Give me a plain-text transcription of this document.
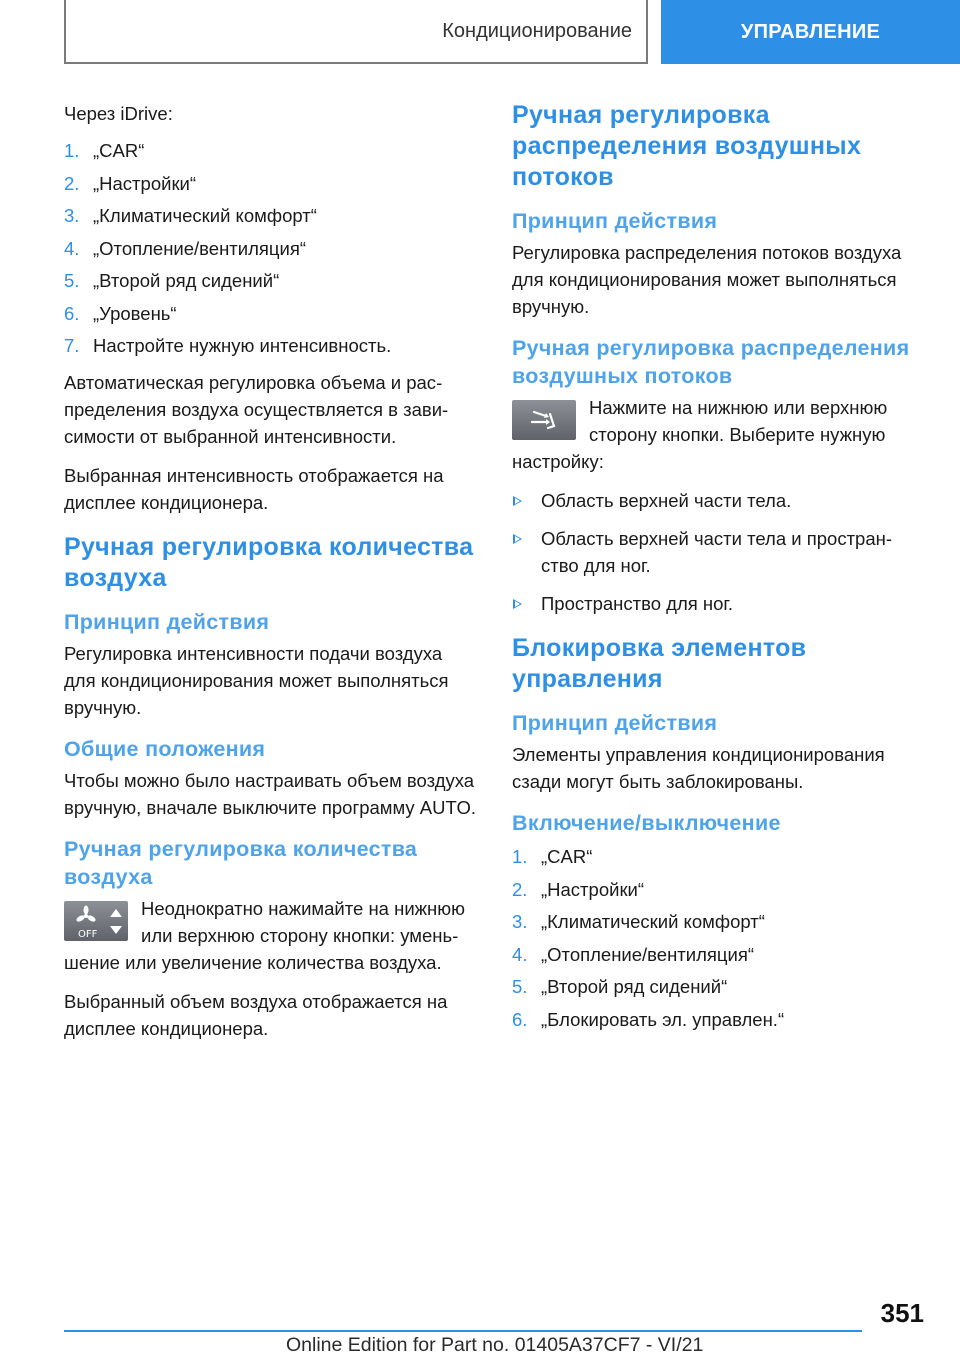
Кондиционирование	УПРАВЛЕНИЕ

Через iDrive:

1. „CAR“
2. „Настройки“
3. „Климатический комфорт“
4. „Отопление/вентиляция“
5. „Второй ряд сидений“
6. „Уровень“
7. Настройте нужную интенсивность.

Автоматическая регулировка объема и распределения воздуха осуществляется в зависимости от выбранной интенсивности.

Выбранная интенсивность отображается на дисплее кондиционера.

Ручная регулировка количества воздуха
Принцип действия

Регулировка интенсивности подачи воздуха для кондиционирования может выполняться вручную.

Общие положения

Чтобы можно было настраивать объем воздуха вручную, вначале выключите программу AUTO.

Ручная регулировка количества воздуха
OFF

Неоднократно нажимайте на нижнюю или верхнюю сторону кнопки: уменьшение или увеличение количества воздуха.

Выбранный объем воздуха отображается на дисплее кондиционера.

Ручная регулировка распределения воздушных потоков
Принцип действия

Регулировка распределения потоков воздуха для кондиционирования может выполняться вручную.

Ручная регулировка распределения воздушных потоков

Нажмите на нижнюю или верхнюю сторону кнопки. Выберите нужную настройку:

Область верхней части тела.
Область верхней части тела и пространство для ног.
Пространство для ног.
Блокировка элементов управления
Принцип действия

Элементы управления кондиционирования сзади могут быть заблокированы.

Включение/выключение
1. „CAR“
2. „Настройки“
3. „Климатический комфорт“
4. „Отопление/вентиляция“
5. „Второй ряд сидений“
6. „Блокировать эл. управлен.“
351
Online Edition for Part no. 01405A37CF7 - VI/21
